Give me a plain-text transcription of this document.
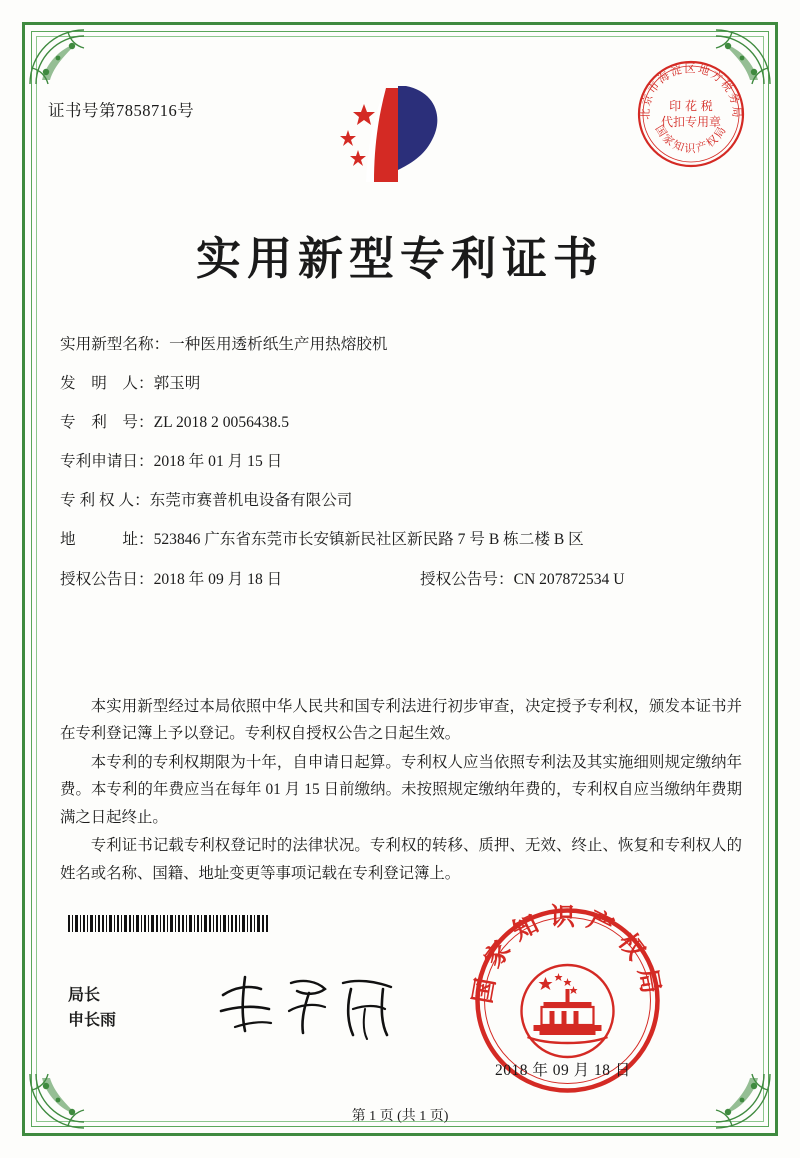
证书号第7858716号	北京市海淀区地方税务局
国家知识产权局
印 花 税
代扣专用章
实用新型专利证书
实用新型名称： 一种医用透析纸生产用热熔胶机
发　明　人： 郭玉明
专　利　号： ZL 2018 2 0056438.5
专利申请日： 2018 年 01 月 15 日
专 利 权 人： 东莞市赛普机电设备有限公司
地　　　址： 523846 广东省东莞市长安镇新民社区新民路 7 号 B 栋二楼 B 区
授权公告日： 2018 年 09 月 18 日	授权公告号： CN 207872534 U

本实用新型经过本局依照中华人民共和国专利法进行初步审查，决定授予专利权，颁发本证书并在专利登记簿上予以登记。专利权自授权公告之日起生效。

本专利的专利权期限为十年，自申请日起算。专利权人应当依照专利法及其实施细则规定缴纳年费。本专利的年费应当在每年 01 月 15 日前缴纳。未按照规定缴纳年费的，专利权自应当缴纳年费期满之日起终止。

专利证书记载专利权登记时的法律状况。专利权的转移、质押、无效、终止、恢复和专利权人的姓名或名称、国籍、地址变更等事项记载在专利登记簿上。

局长
申长雨
国家知识产权局
2018 年 09 月 18 日
第 1 页 (共 1 页)
